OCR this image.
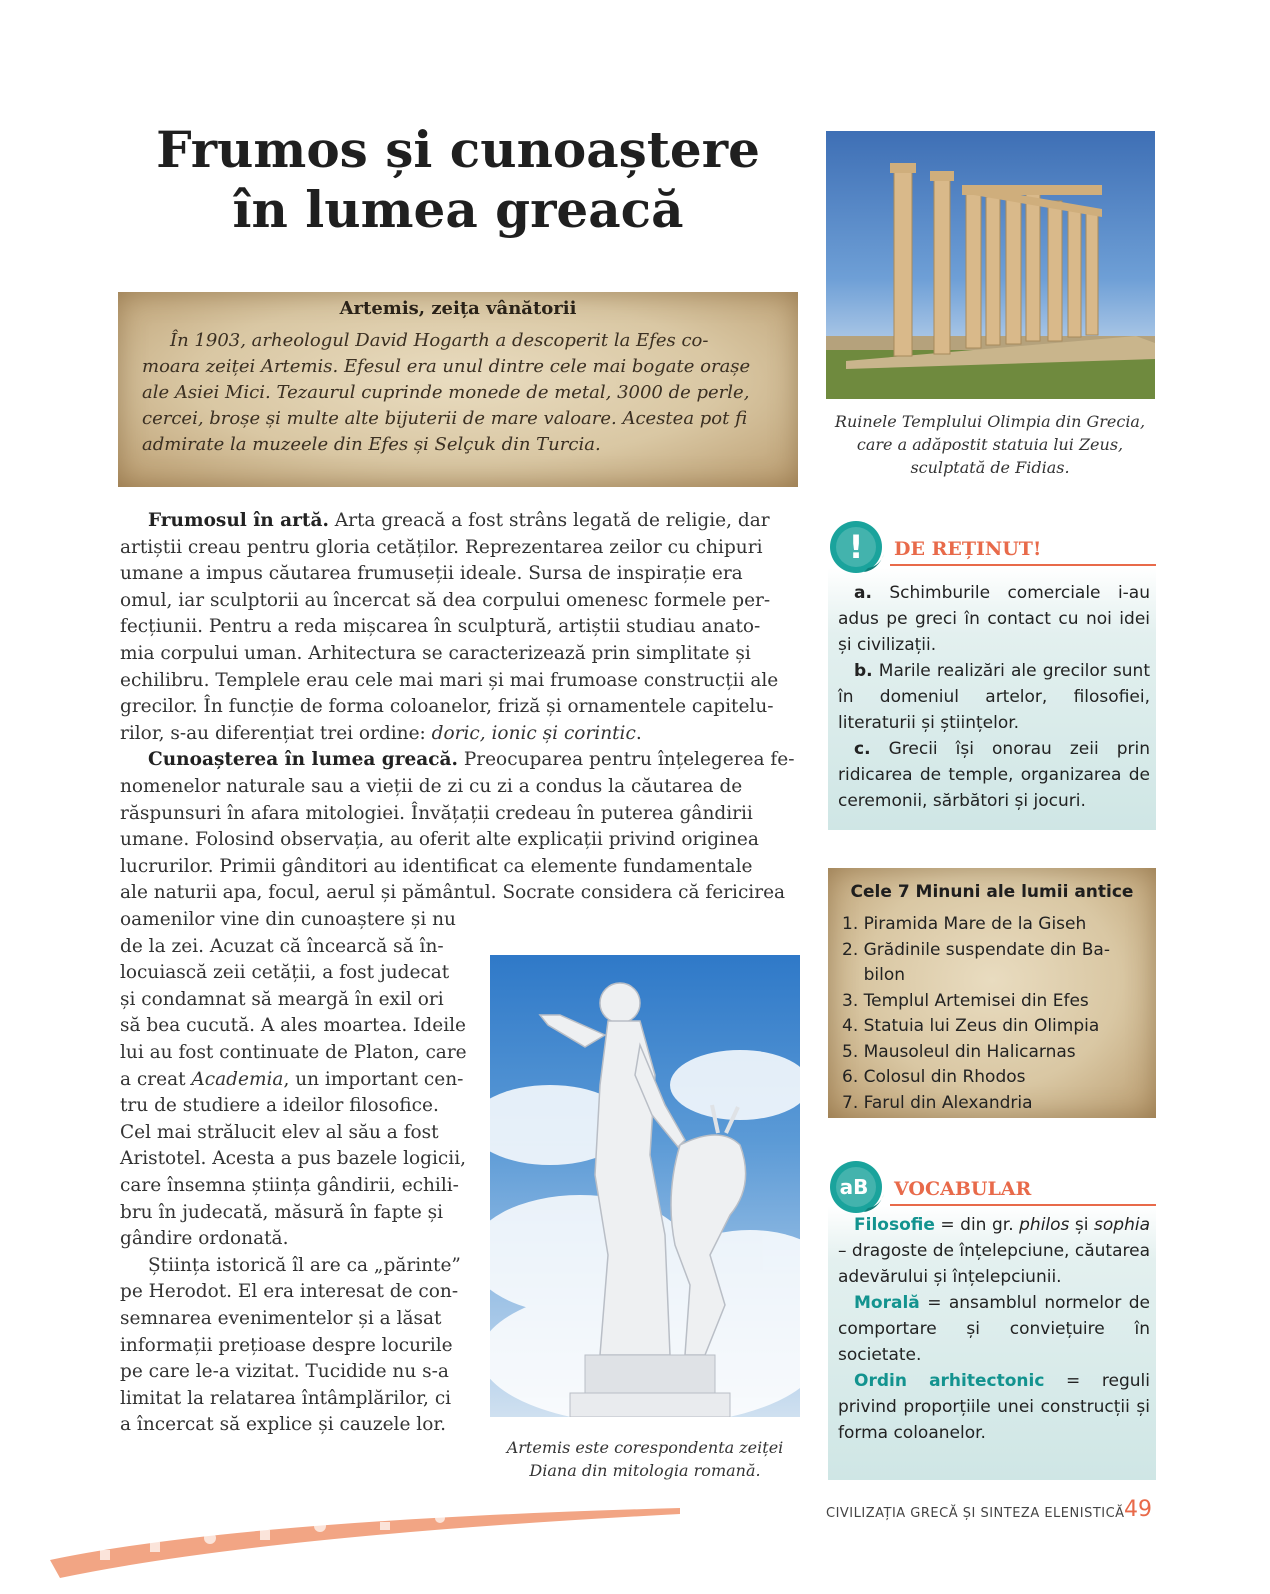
Frumos și cunoaștere
în lumea greacă
Artemis, zeița vânătorii
În 1903, arheologul David Hogarth a descoperit la Efes co-
moara zeiței Artemis. Efesul era unul dintre cele mai bogate orașe
ale Asiei Mici. Tezaurul cuprinde monede de metal, 3000 de perle,
cercei, broșe și multe alte bijuterii de mare valoare. Acestea pot fi
admirate la muzeele din Efes și Selçuk din Turcia.
Frumosul în artă. Arta greacă a fost strâns legată de religie, dar
artiștii creau pentru gloria cetăților. Reprezentarea zeilor cu chipuri
umane a impus căutarea frumuseții ideale. Sursa de inspirație era
omul, iar sculptorii au încercat să dea corpului omenesc formele per-
fecțiunii. Pentru a reda mișcarea în sculptură, artiștii studiau anato-
mia corpului uman. Arhitectura se caracterizează prin simplitate și
echilibru. Templele erau cele mai mari și mai frumoase construcții ale
grecilor. În funcție de forma coloanelor, friză și ornamentele capitelu-
rilor, s-au diferențiat trei ordine: doric, ionic și corintic.
Cunoașterea în lumea greacă. Preocuparea pentru înțelegerea fe-
nomenelor naturale sau a vieții de zi cu zi a condus la căutarea de
răspunsuri în afara mitologiei. Învățații credeau în puterea gândirii
umane. Folosind observația, au oferit alte explicații privind originea
lucrurilor. Primii gânditori au identificat ca elemente fundamentale
ale naturii apa, focul, aerul și pământul. Socrate considera că fericirea
oamenilor vine din cunoaștere și nu
de la zei. Acuzat că încearcă să în-
locuiască zeii cetății, a fost judecat
și condamnat să meargă în exil ori
să bea cucută. A ales moartea. Ideile
lui au fost continuate de Platon, care
a creat Academia, un important cen-
tru de studiere a ideilor filosofice.
Cel mai strălucit elev al său a fost
Aristotel. Acesta a pus bazele logicii,
care însemna știința gândirii, echili-
bru în judecată, măsură în fapte și
gândire ordonată.
Știința istorică îl are ca „părinte”
pe Herodot. El era interesat de con-
semnarea evenimentelor și a lăsat
informații prețioase despre locurile
pe care le-a vizitat. Tucidide nu s-a
limitat la relatarea întâmplărilor, ci
a încercat să explice și cauzele lor.
Ruinele Templului Olimpia din Grecia,
care a adăpostit statuia lui Zeus,
sculptată de Fidias.
! DE REȚINUT!
a. Schimburile comerciale i-au adus pe greci în contact cu noi idei și civilizații.
b. Marile realizări ale grecilor sunt în domeniul artelor, filosofiei, literaturii și științelor.
c. Grecii își onorau zeii prin ridicarea de temple, organizarea de ceremonii, sărbători și jocuri.
Cele 7 Minuni ale lumii antice
1. Piramida Mare de la Giseh
2. Grădinile suspendate din Ba-
bilon
3. Templul Artemisei din Efes
4. Statuia lui Zeus din Olimpia
5. Mausoleul din Halicarnas
6. Colosul din Rhodos
7. Farul din Alexandria
aB VOCABULAR
Filosofie = din gr. philos și sophia – dragoste de înțelepciune, căutarea adevărului și înțelepciunii.
Morală = ansamblul normelor de comportare și conviețuire în societate.
Ordin arhitectonic = reguli privind proporțiile unei construcții și forma coloanelor.
Artemis este corespondenta zeiței
Diana din mitologia romană.
CIVILIZAȚIA GRECĂ ȘI SINTEZA ELENISTICĂ 49
